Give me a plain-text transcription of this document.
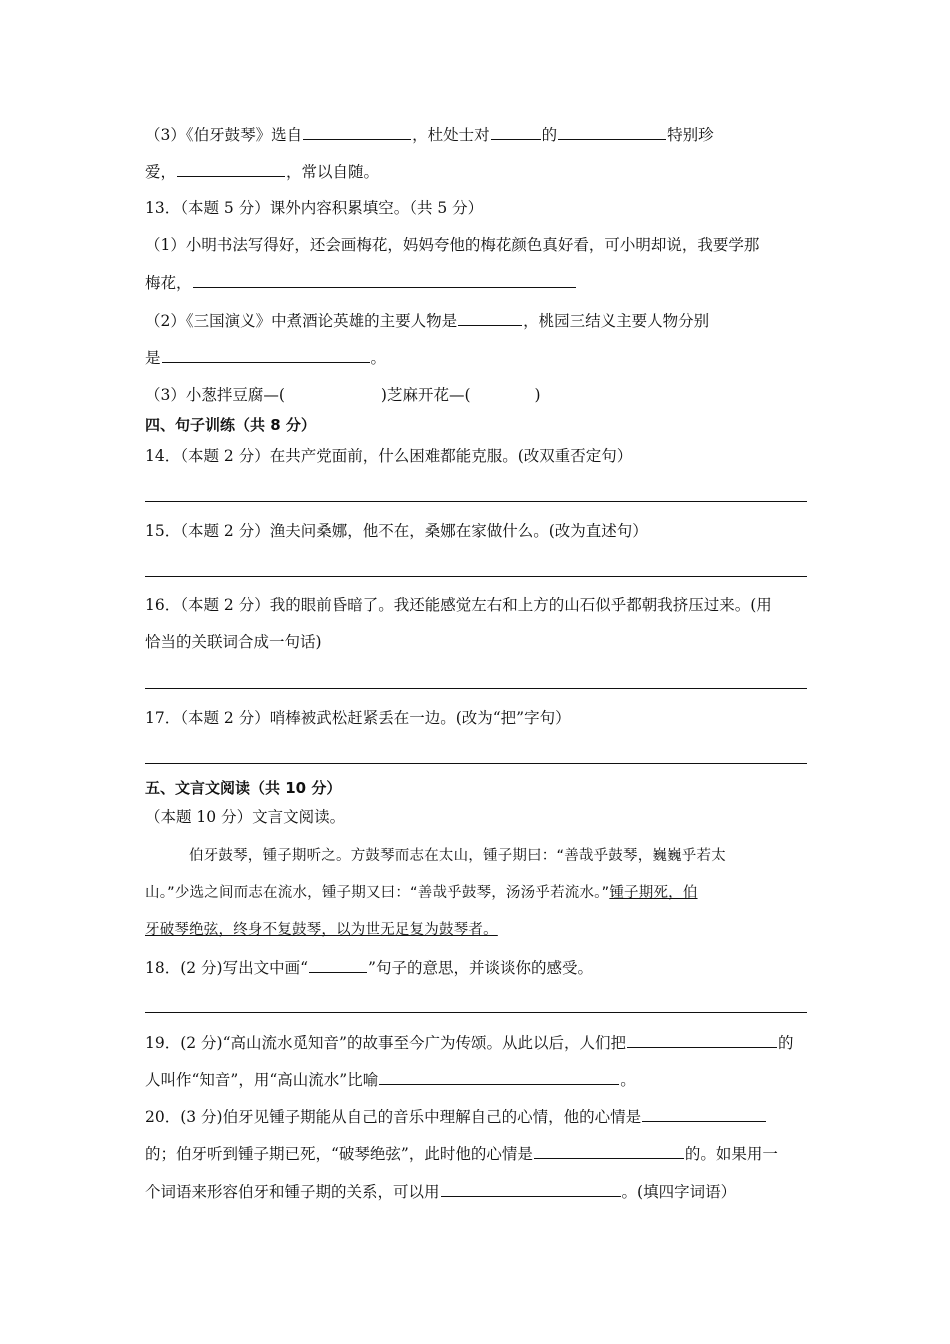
（3）《伯牙鼓琴》选自	，杜处士对	的	特别珍
爱，	，常以自随。
13．（本题 5 分）课外内容积累填空。（共 5 分）
（1）小明书法写得好，还会画梅花，妈妈夸他的梅花颜色真好看，可小明却说，我要学那
梅花，
（2）《三国演义》中煮酒论英雄的主要人物是	，桃园三结义主要人物分别
是	。
（3）小葱拌豆腐—(	)芝麻开花—(	)
四、句子训练（共 8 分）
14．（本题 2 分）在共产党面前，什么困难都能克服。(改双重否定句）
15．（本题 2 分）渔夫问桑娜，他不在，桑娜在家做什么。(改为直述句）
16．（本题 2 分）我的眼前昏暗了。我还能感觉左右和上方的山石似乎都朝我挤压过来。(用
恰当的关联词合成一句话)
17．（本题 2 分）哨棒被武松赶紧丢在一边。(改为“把”字句）
五、文言文阅读（共 10 分）
（本题 10 分）文言文阅读。
伯牙鼓琴，锺子期听之。方鼓琴而志在太山，锺子期曰：“善哉乎鼓琴，巍巍乎若太
山。”少选之间而志在流水，锺子期又曰：“善哉乎鼓琴，汤汤乎若流水。”锺子期死，伯
牙破琴绝弦，终身不复鼓琴，以为世无足复为鼓琴者。
18．(2 分)写出文中画“	”句子的意思，并谈谈你的感受。
19．(2 分)“高山流水觅知音”的故事至今广为传颂。从此以后，人们把	的
人叫作“知音”，用“高山流水”比喻	。
20．(3 分)伯牙见锺子期能从自己的音乐中理解自己的心情，他的心情是
的；伯牙听到锺子期已死，“破琴绝弦”，此时他的心情是	的。如果用一
个词语来形容伯牙和锺子期的关系，可以用	。(填四字词语）
